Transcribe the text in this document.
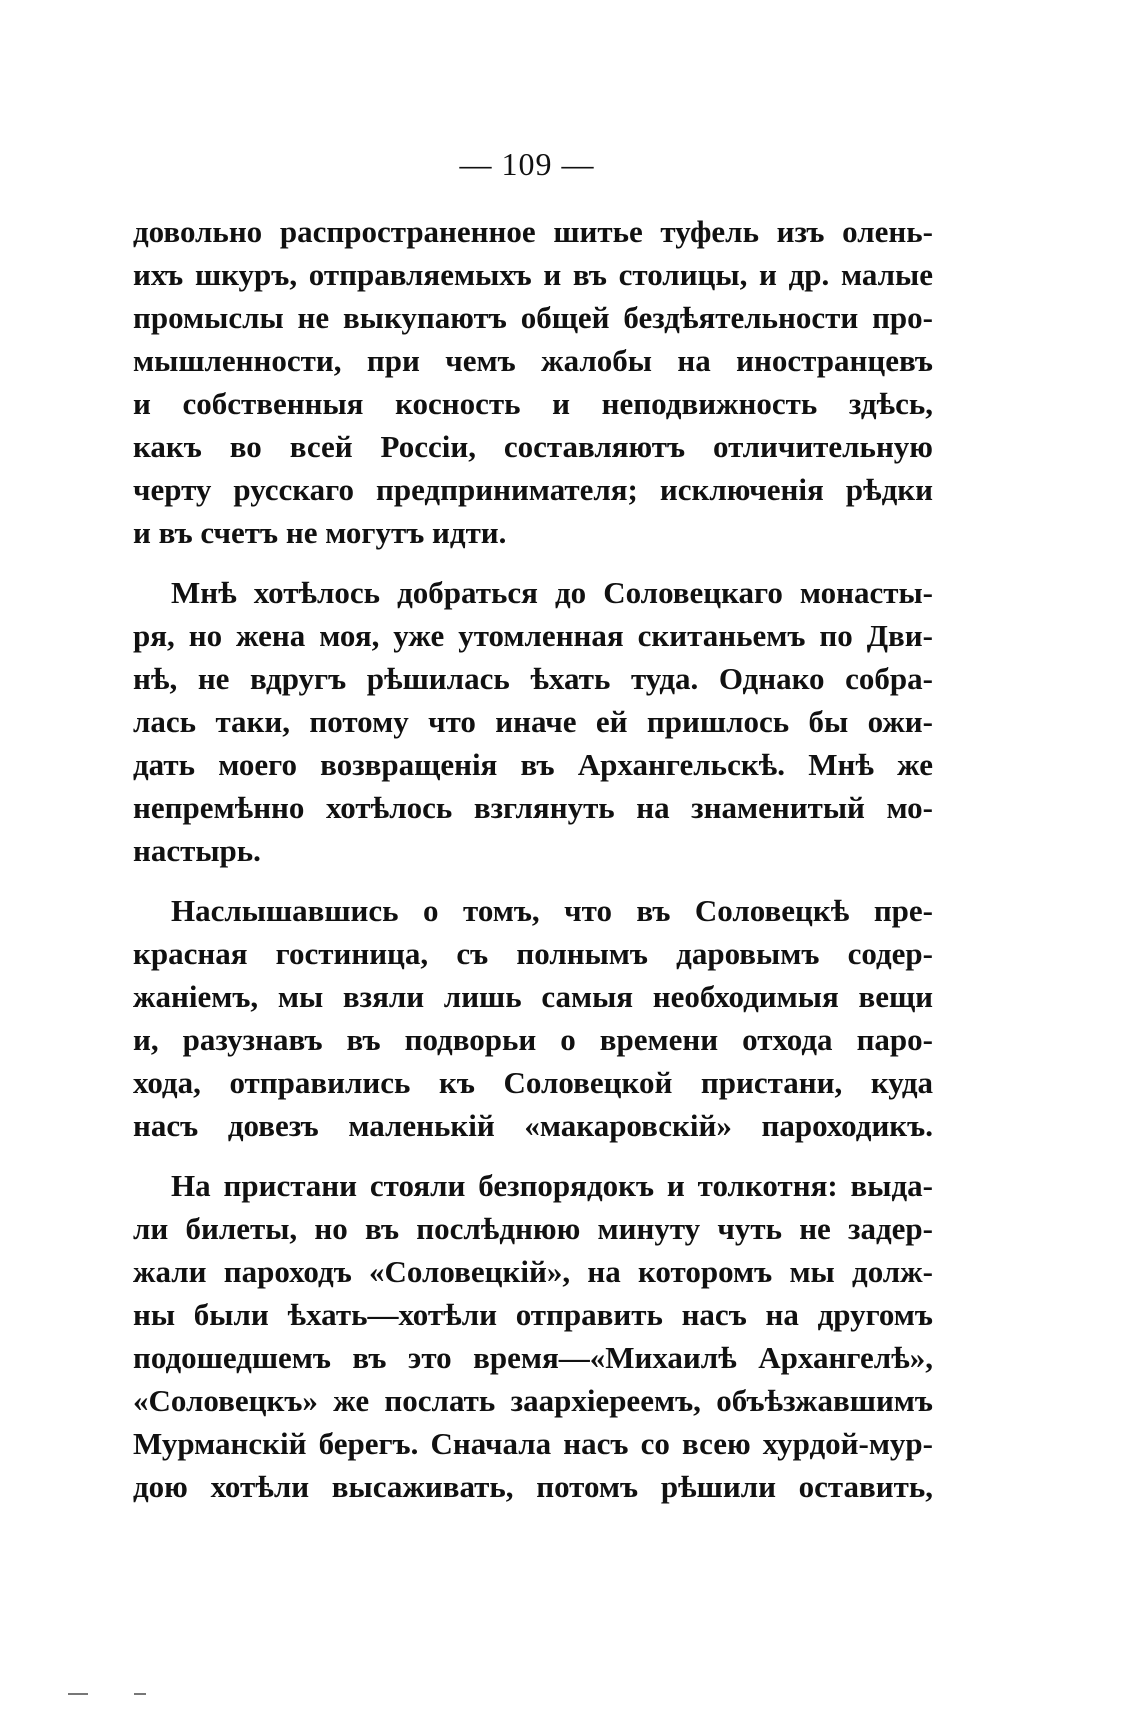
— 109 —
довольно распространенное шитье туфель изъ олень-
ихъ шкуръ, отправляемыхъ и въ столицы, и др. малые
промыслы не выкупаютъ общей бездѣятельности про-
мышленности, при чемъ жалобы на иностранцевъ
и собственныя косность и неподвижность здѣсь,
какъ во всей Россіи, составляютъ отличительную
черту русскаго предпринимателя; исключенія рѣдки
и въ счетъ не могутъ идти.
Мнѣ хотѣлось добраться до Соловецкаго монасты-
ря, но жена моя, уже утомленная скитаньемъ по Дви-
нѣ, не вдругъ рѣшилась ѣхать туда. Однако собра-
лась таки, потому что иначе ей пришлось бы ожи-
дать моего возвращенія въ Архангельскѣ. Мнѣ же
непремѣнно хотѣлось взглянуть на знаменитый мо-
настырь.
Наслышавшись о томъ, что въ Соловецкѣ пре-
красная гостиница, съ полнымъ даровымъ содер-
жаніемъ, мы взяли лишь самыя необходимыя вещи
и, разузнавъ въ подворьи о времени отхода паро-
хода, отправились къ Соловецкой пристани, куда
насъ довезъ маленькій «макаровскій» пароходикъ.
На пристани стояли безпорядокъ и толкотня: выда-
ли билеты, но въ послѣднюю минуту чуть не задер-
жали пароходъ «Соловецкій», на которомъ мы долж-
ны были ѣхать—хотѣли отправить насъ на другомъ
подошедшемъ въ это время—«Михаилѣ Архангелѣ»,
«Соловецкъ» же послать заархіереемъ, объѣзжавшимъ
Мурманскій берегъ. Сначала насъ со всею хурдой-мур-
дою хотѣли высаживать, потомъ рѣшили оставить,
